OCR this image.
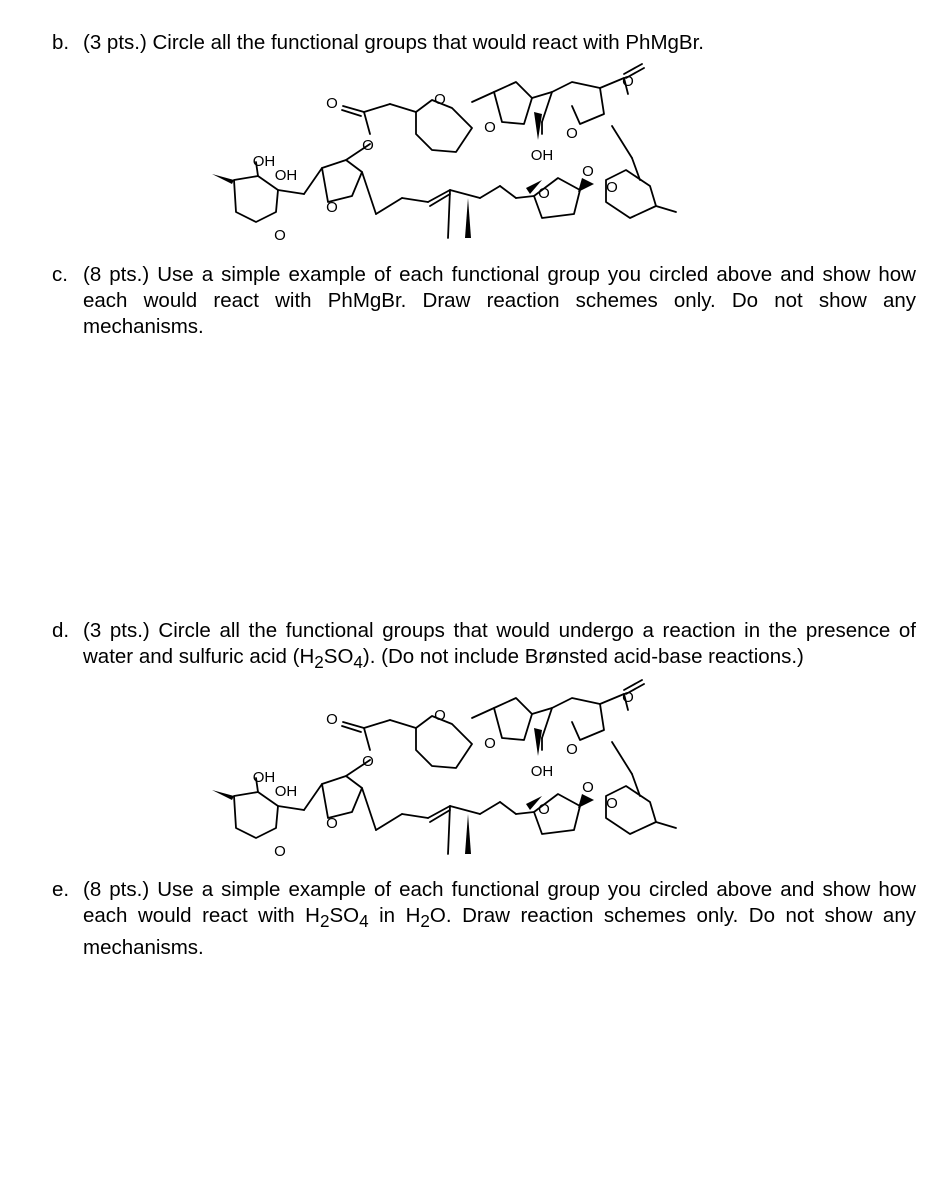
b. (3 pts.) Circle all the functional groups that would react with PhMgBr.
O
O
O
O
OH
O
O
OH
OH
O
O
O
O
O
c. (8 pts.) Use a simple example of each functional group you circled above and show how each would react with PhMgBr. Draw reaction schemes only. Do not show any mechanisms.
d. (3 pts.) Circle all the functional groups that would undergo a reaction in the presence of water and sulfuric acid $(H_2SO_4)$. (Do not include Brønsted acid-base reactions.)
O
O
O
O
OH
O
O
OH
OH
O
O
O
O
O
e. (8 pts.) Use a simple example of each functional group you circled above and show how each would react with $H_2SO_4$ in $H_2O$. Draw reaction schemes only. Do not show any mechanisms.
